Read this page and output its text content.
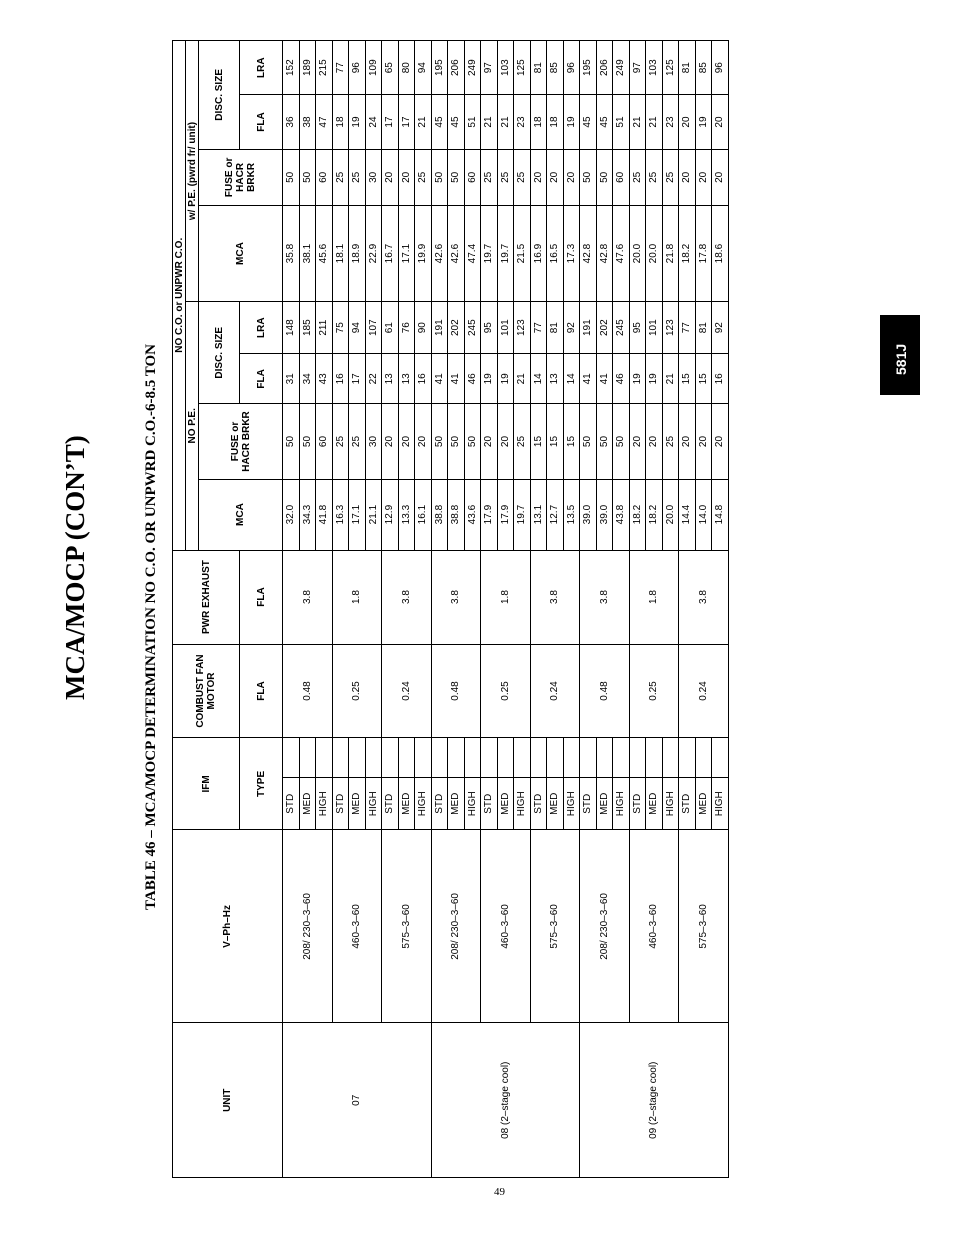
MCA/MOCP (CON’T)	TABLE 46 – MCA/MOCP DETERMINATION NO C.O. OR UNPWRD C.O.-6-8.5 TON	581J
49
UNIT	V–Ph–Hz	IFM		COMBUST FAN MOTOR	PWR EXHAUST	NO C.O. or UNPWR C.O.							
						NO P.E.				w/ P.E. (pwrd fr/ unit)			
						MCA	FUSE or HACR BRKR	DISC. SIZE		MCA	FUSE or HACR BRKR	DISC. SIZE	
		TYPE		FLA	FLA			FLA	LRA			FLA	LRA
07	208/ 230–3–60	STD		0.48	3.8	32.0	50	31	148	35.8	50	36	152
		MED				34.3	50	34	185	38.1	50	38	189
		HIGH				41.8	60	43	211	45.6	60	47	215
	460–3–60	STD		0.25	1.8	16.3	25	16	75	18.1	25	18	77
		MED				17.1	25	17	94	18.9	25	19	96
		HIGH				21.1	30	22	107	22.9	30	24	109
	575–3–60	STD		0.24	3.8	12.9	20	13	61	16.7	20	17	65
		MED				13.3	20	13	76	17.1	20	17	80
		HIGH				16.1	20	16	90	19.9	25	21	94
08 (2–stage cool)	208/ 230–3–60	STD		0.48	3.8	38.8	50	41	191	42.6	50	45	195
		MED				38.8	50	41	202	42.6	50	45	206
		HIGH				43.6	50	46	245	47.4	60	51	249
	460–3–60	STD		0.25	1.8	17.9	20	19	95	19.7	25	21	97
		MED				17.9	20	19	101	19.7	25	21	103
		HIGH				19.7	25	21	123	21.5	25	23	125
	575–3–60	STD		0.24	3.8	13.1	15	14	77	16.9	20	18	81
		MED				12.7	15	13	81	16.5	20	18	85
		HIGH				13.5	15	14	92	17.3	20	19	96
09 (2–stage cool)	208/ 230–3–60	STD		0.48	3.8	39.0	50	41	191	42.8	50	45	195
		MED				39.0	50	41	202	42.8	50	45	206
		HIGH				43.8	50	46	245	47.6	60	51	249
	460–3–60	STD		0.25	1.8	18.2	20	19	95	20.0	25	21	97
		MED				18.2	20	19	101	20.0	25	21	103
		HIGH				20.0	25	21	123	21.8	25	23	125
	575–3–60	STD		0.24	3.8	14.4	20	15	77	18.2	20	20	81
		MED				14.0	20	15	81	17.8	20	19	85
		HIGH				14.8	20	16	92	18.6	20	20	96
